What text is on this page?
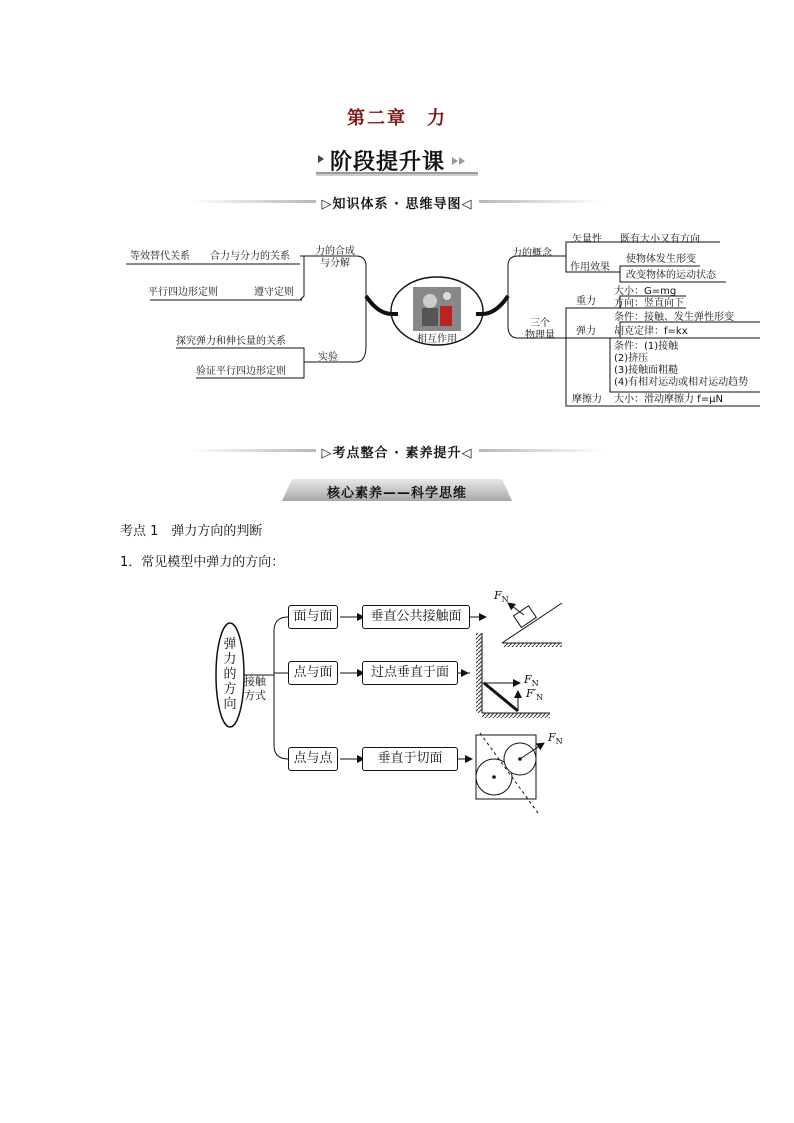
第二章　力
阶段提升课
▷知识体系 · 思维导图◁
相互作用
力的合成
与分解
等效替代关系 合力与分力的关系
平行四边形定则	遵守定则
实验
探究弹力和伸长量的关系
验证平行四边形定则
力的概念
矢量性 既有大小又有方向
作用效果
使物体发生形变
改变物体的运动状态
三个
物理量
重力
大小：G=mg
方向：竖直向下
弹力
条件：接触、发生弹性形变
胡克定律：f=kx
条件：(1)接触
(2)挤压
(3)接触面粗糙
(4)有相对运动或相对运动趋势
摩擦力 大小：滑动摩擦力 f=μN
▷考点整合 · 素养提升◁
核心素养——科学思维
考点 1　弹力方向的判断
1．常见模型中弹力的方向：
弹
力
的
方
向
接触
方式
面与面
点与面
点与点
垂直公共接触面
过点垂直于面
垂直于切面
$F_N$
$F_N$
$F'_N$
$F_N$
